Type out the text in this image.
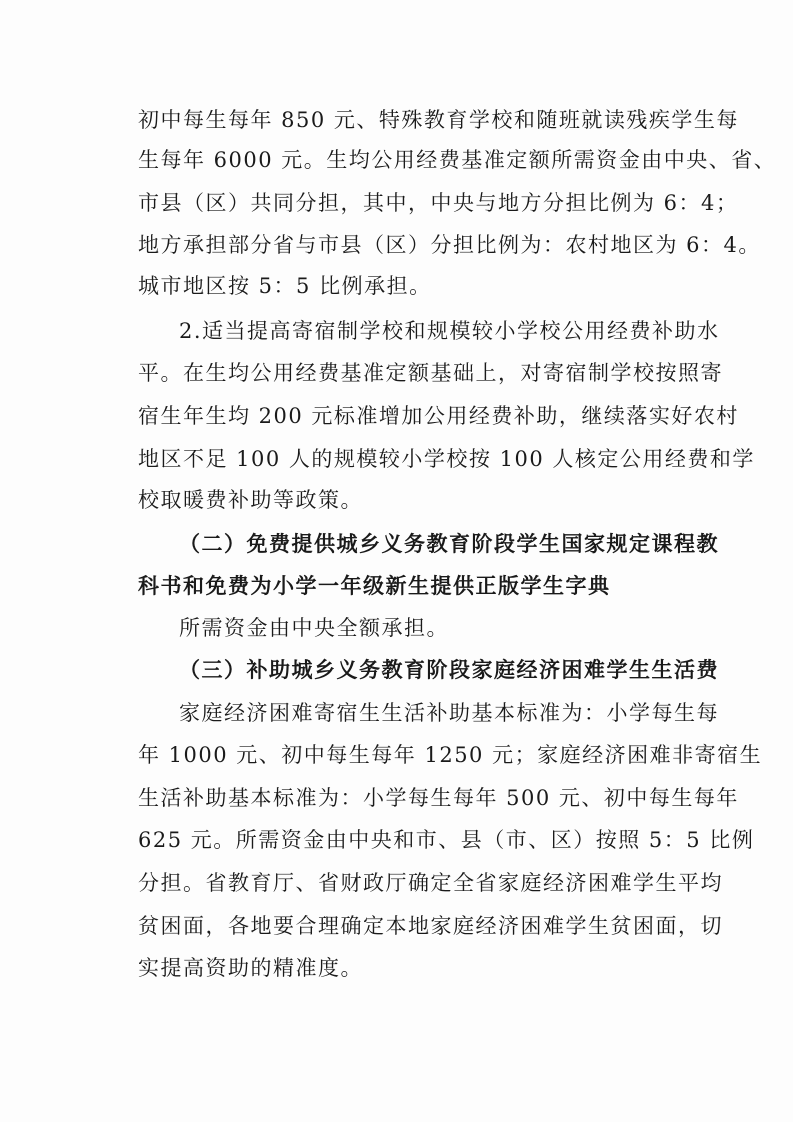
初中每生每年 850 元、特殊教育学校和随班就读残疾学生每
生每年 6000 元。生均公用经费基准定额所需资金由中央、省、
市县（区）共同分担，其中，中央与地方分担比例为 6：4；
地方承担部分省与市县（区）分担比例为：农村地区为 6：4。
城市地区按 5：5 比例承担。
2.适当提高寄宿制学校和规模较小学校公用经费补助水
平。在生均公用经费基准定额基础上，对寄宿制学校按照寄
宿生年生均 200 元标准增加公用经费补助，继续落实好农村
地区不足 100 人的规模较小学校按 100 人核定公用经费和学
校取暖费补助等政策。
（二）免费提供城乡义务教育阶段学生国家规定课程教
科书和免费为小学一年级新生提供正版学生字典
所需资金由中央全额承担。
（三）补助城乡义务教育阶段家庭经济困难学生生活费
家庭经济困难寄宿生生活补助基本标准为：小学每生每
年 1000 元、初中每生每年 1250 元；家庭经济困难非寄宿生
生活补助基本标准为：小学每生每年 500 元、初中每生每年
625 元。所需资金由中央和市、县（市、区）按照 5：5 比例
分担。省教育厅、省财政厅确定全省家庭经济困难学生平均
贫困面，各地要合理确定本地家庭经济困难学生贫困面，切
实提高资助的精准度。
